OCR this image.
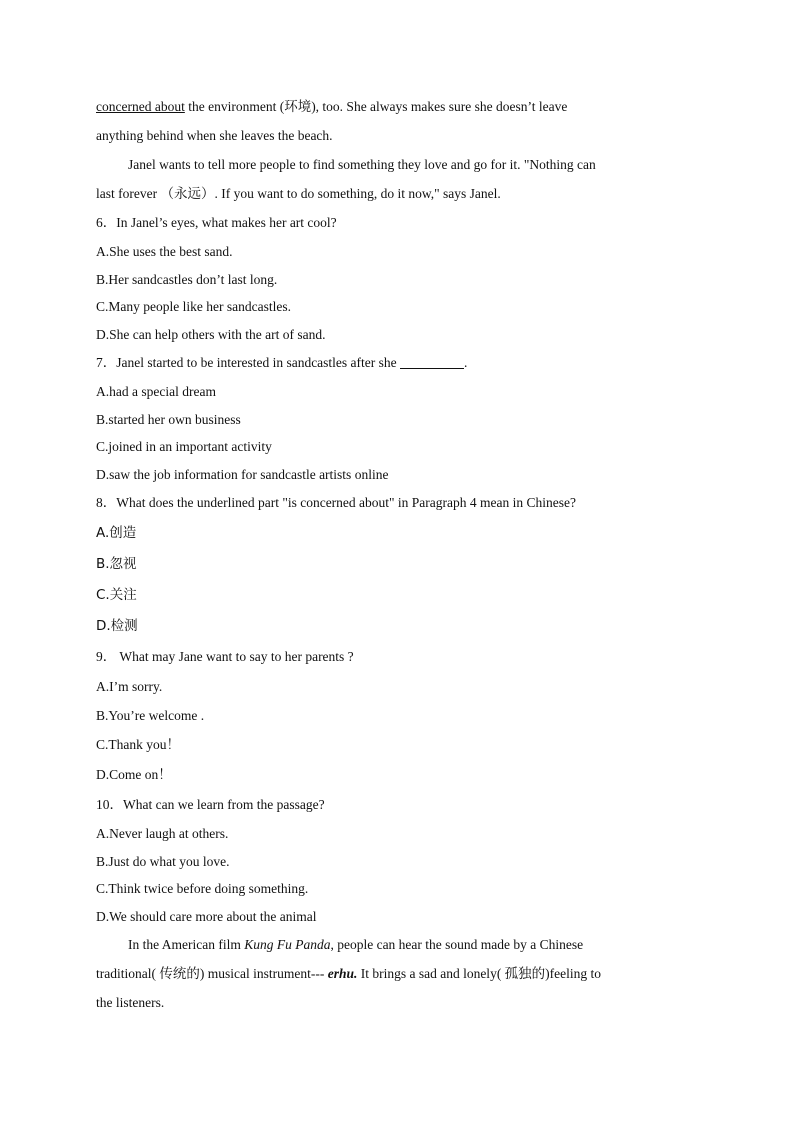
concerned about the environment (环境), too. She always makes sure she doesn’t leave
anything behind when she leaves the beach.
Janel wants to tell more people to find something they love and go for it. "Nothing can
last forever （永远）. If you want to do something, do it now," says Janel.
6．In Janel’s eyes, what makes her art cool?
A.She uses the best sand.
B.Her sandcastles don’t last long.
C.Many people like her sandcastles.
D.She can help others with the art of sand.
7．Janel started to be interested in sandcastles after she	.
A.had a special dream
B.started her own business
C.joined in an important activity
D.saw the job information for sandcastle artists online
8．What does the underlined part "is concerned about" in Paragraph 4 mean in Chinese?
A.创造
B.忽视
C.关注
D.检测
9． What may Jane want to say to her parents ?
A.I’m sorry.
B.You’re welcome .
C.Thank you！
D.Come on！
10．What can we learn from the passage?
A.Never laugh at others.
B.Just do what you love.
C.Think twice before doing something.
D.We should care more about the animal
In the American film Kung Fu Panda, people can hear the sound made by a Chinese
traditional( 传统的) musical instrument--- erhu. It brings a sad and lonely( 孤独的)feeling to
the listeners.
